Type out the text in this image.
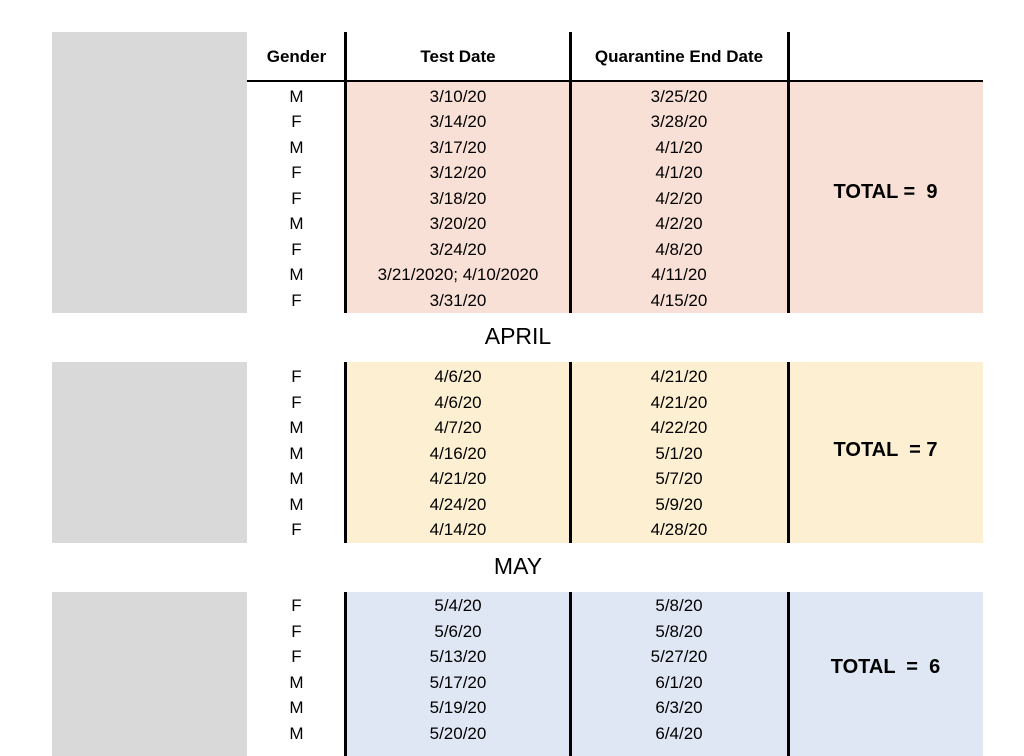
Gender	Test Date	Quarantine End Date
M	3/10/20	3/25/20
F	3/14/20	3/28/20
M	3/17/20	4/1/20
F	3/12/20	4/1/20
F	3/18/20	4/2/20
M	3/20/20	4/2/20
F	3/24/20	4/8/20
M	3/21/2020; 4/10/2020	4/11/20
F	3/31/20	4/15/20
TOTAL =  9
APRIL
F	4/6/20	4/21/20
F	4/6/20	4/21/20
M	4/7/20	4/22/20
M	4/16/20	5/1/20
M	4/21/20	5/7/20
M	4/24/20	5/9/20
F	4/14/20	4/28/20
TOTAL  = 7
MAY
F	5/4/20	5/8/20
F	5/6/20	5/8/20
F	5/13/20	5/27/20
M	5/17/20	6/1/20
M	5/19/20	6/3/20
M	5/20/20	6/4/20
TOTAL  =  6
